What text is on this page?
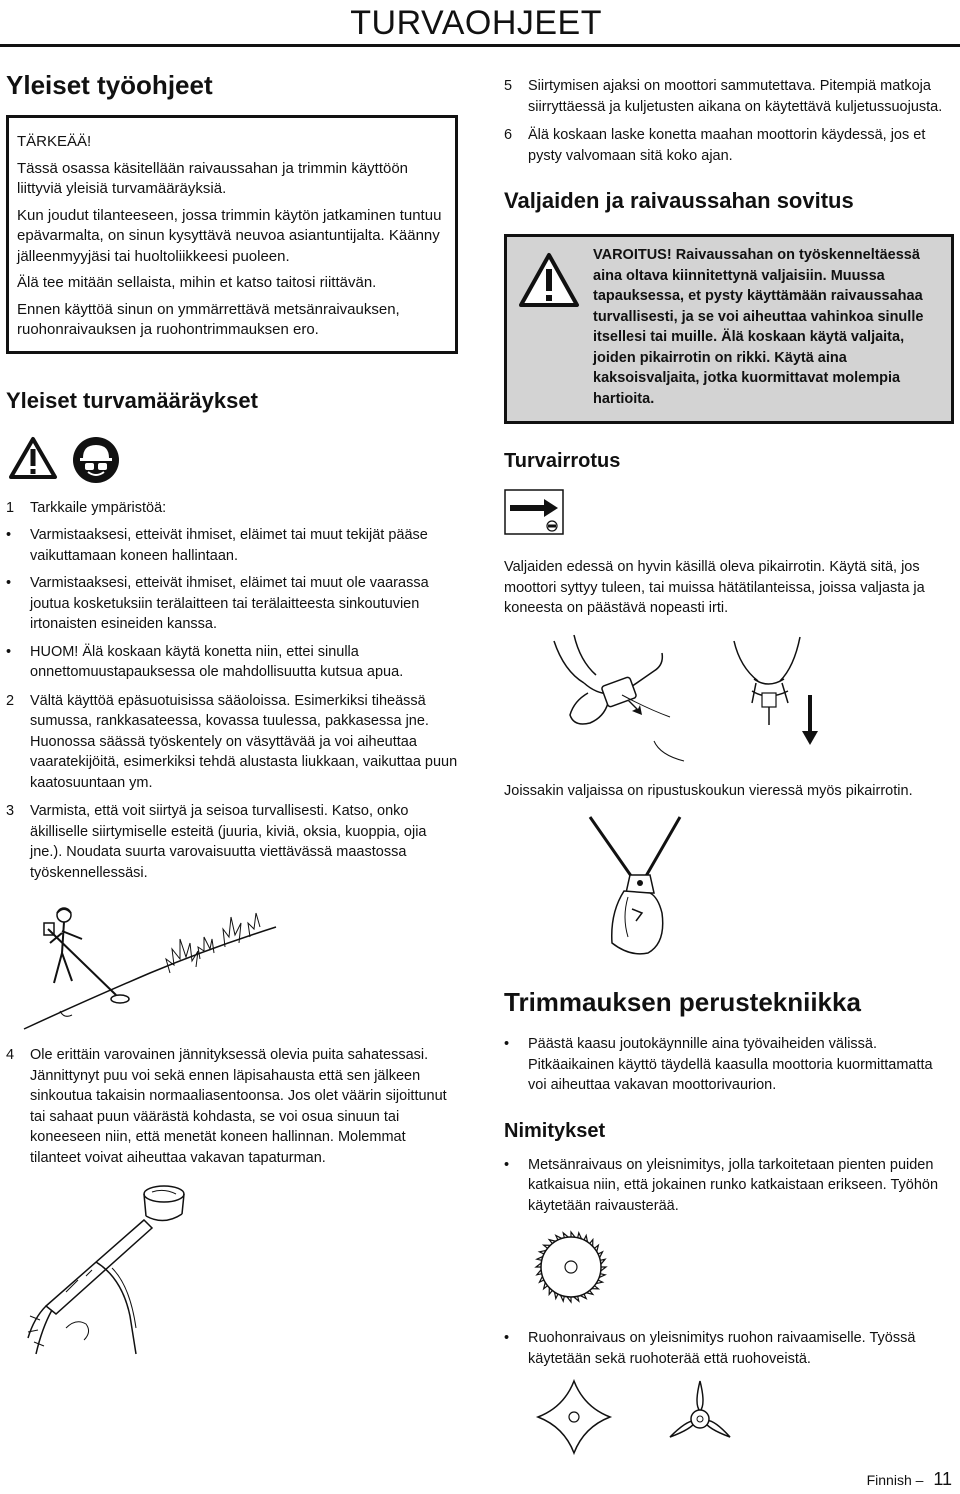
TURVAOHJEET
Yleiset työohjeet

TÄRKEÄÄ!

Tässä osassa käsitellään raivaussahan ja trimmin käyttöön liittyviä yleisiä turvamääräyksiä.

Kun joudut tilanteeseen, jossa trimmin käytön jatkaminen tuntuu epävarmalta, on sinun kysyttävä neuvoa asiantuntijalta. Käänny jälleenmyyjäsi tai huoltoliikkeesi puoleen.

Älä tee mitään sellaista, mihin et katso taitosi riittävän.

Ennen käyttöä sinun on ymmärrettävä metsänraivauksen, ruohonraivauksen ja ruohontrimmauksen ero.

Yleiset turvamääräykset
1	Tarkkaile ympäristöä:
•	Varmistaaksesi, etteivät ihmiset, eläimet tai muut tekijät pääse vaikuttamaan koneen hallintaan.
•	Varmistaaksesi, etteivät ihmiset, eläimet tai muut ole vaarassa joutua kosketuksiin terälaitteen tai terälaitteesta sinkoutuvien irtonaisten esineiden kanssa.
•	HUOM! Älä koskaan käytä konetta niin, ettei sinulla onnettomuustapauksessa ole mahdollisuutta kutsua apua.
2	Vältä käyttöä epäsuotuisissa sääoloissa. Esimerkiksi tiheässä sumussa, rankkasateessa, kovassa tuulessa, pakkasessa jne. Huonossa säässä työskentely on väsyttävää ja voi aiheuttaa vaaratekijöitä, esimerkiksi tehdä alustasta liukkaan, vaikuttaa puun kaatosuuntaan ym.
3	Varmista, että voit siirtyä ja seisoa turvallisesti. Katso, onko äkilliselle siirtymiselle esteitä (juuria, kiviä, oksia, kuoppia, ojia jne.). Noudata suurta varovaisuutta viettävässä maastossa työskennellessäsi.
4	Ole erittäin varovainen jännityksessä olevia puita sahatessasi. Jännittynyt puu voi sekä ennen läpisahausta että sen jälkeen sinkoutua takaisin normaaliasentoonsa. Jos olet väärin sijoittunut tai sahaat puun väärästä kohdasta, se voi osua sinuun tai koneeseen niin, että menetät koneen hallinnan. Molemmat tilanteet voivat aiheuttaa vakavan tapaturman.
5	Siirtymisen ajaksi on moottori sammutettava. Pitempiä matkoja siirryttäessä ja kuljetusten aikana on käytettävä kuljetussuojusta.
6	Älä koskaan laske konetta maahan moottorin käydessä, jos et pysty valvomaan sitä koko ajan.
Valjaiden ja raivaussahan sovitus
VAROITUS! Raivaussahan on työskenneltäessä aina oltava kiinnitettynä valjaisiin. Muussa tapauksessa, et pysty käyttämään raivaussahaa turvallisesti, ja se voi aiheuttaa vahinkoa sinulle itsellesi tai muille. Älä koskaan käytä valjaita, joiden pikairrotin on rikki. Käytä aina kaksoisvaljaita, jotka kuormittavat molempia hartioita.
Turvairrotus
Valjaiden edessä on hyvin käsillä oleva pikairrotin. Käytä sitä, jos moottori syttyy tuleen, tai muissa hätätilanteissa, joissa valjasta ja koneesta on päästävä nopeasti irti.
Joissakin valjaissa on ripustuskoukun vieressä myös pikairrotin.
Trimmauksen perustekniikka
•	Päästä kaasu joutokäynnille aina työvaiheiden välissä. Pitkäaikainen käyttö täydellä kaasulla moottoria kuormittamatta voi aiheuttaa vakavan moottorivaurion.
Nimitykset
•	Metsänraivaus on yleisnimitys, jolla tarkoitetaan pienten puiden katkaisua niin, että jokainen runko katkaistaan erikseen. Työhön käytetään raivausterää.
•	Ruohonraivaus on yleisnimitys ruohon raivaamiselle. Työssä käytetään sekä ruohoterää että ruohoveistä.
Finnish – 11
